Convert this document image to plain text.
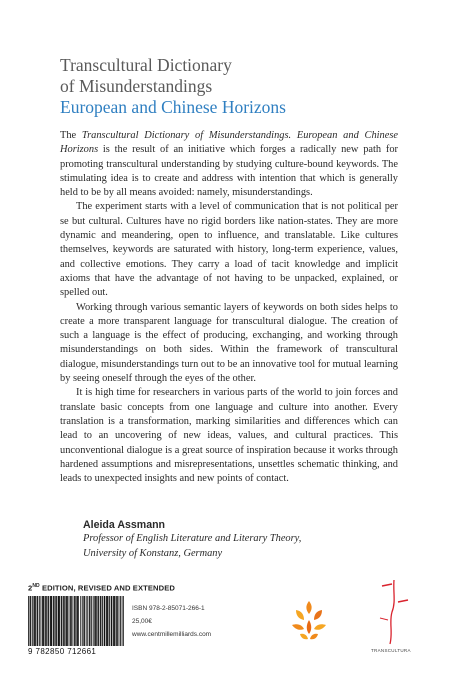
Transcultural Dictionary
of Misunderstandings
European and Chinese Horizons

The Transcultural Dictionary of Misunderstandings. European and Chinese Horizons is the result of an initiative which forges a radically new path for promoting transcultural understanding by studying culture-bound keywords. The stimulating idea is to create and address with intention that which is generally held to be by all means avoided: namely, misunderstandings.

The experiment starts with a level of communication that is not political per se but cultural. Cultures have no rigid borders like nation-states. They are more dynamic and meandering, open to influence, and translatable. Like cultures themselves, keywords are saturated with history, long-term experience, values, and collective emotions. They carry a load of tacit knowledge and implicit axioms that have the advantage of not having to be unpacked, explained, or spelled out.

Working through various semantic layers of keywords on both sides helps to create a more transparent language for transcultural dialogue. The creation of such a language is the effect of producing, exchanging, and working through misunderstandings on both sides. Within the framework of transcultural dialogue, misunderstandings turn out to be an innovative tool for mutual learning by seeing oneself through the eyes of the other.

It is high time for researchers in various parts of the world to join forces and translate basic concepts from one language and culture into another. Every translation is a transformation, marking similarities and differences which can lead to an uncovering of new ideas, values, and cultural practices. This unconventional dialogue is a great source of inspiration because it works through hardened assumptions and misrepresentations, unsettles schematic thinking, and leads to unexpected insights and new points of contact.

Aleida Assmann
Professor of English Literature and Literary Theory,
University of Konstanz, Germany
2ND EDITION, REVISED AND EXTENDED
9 782850 712661
ISBN 978-2-85071-266-1
25,00€
www.centmillemilliards.com
TRANSCULTURA
